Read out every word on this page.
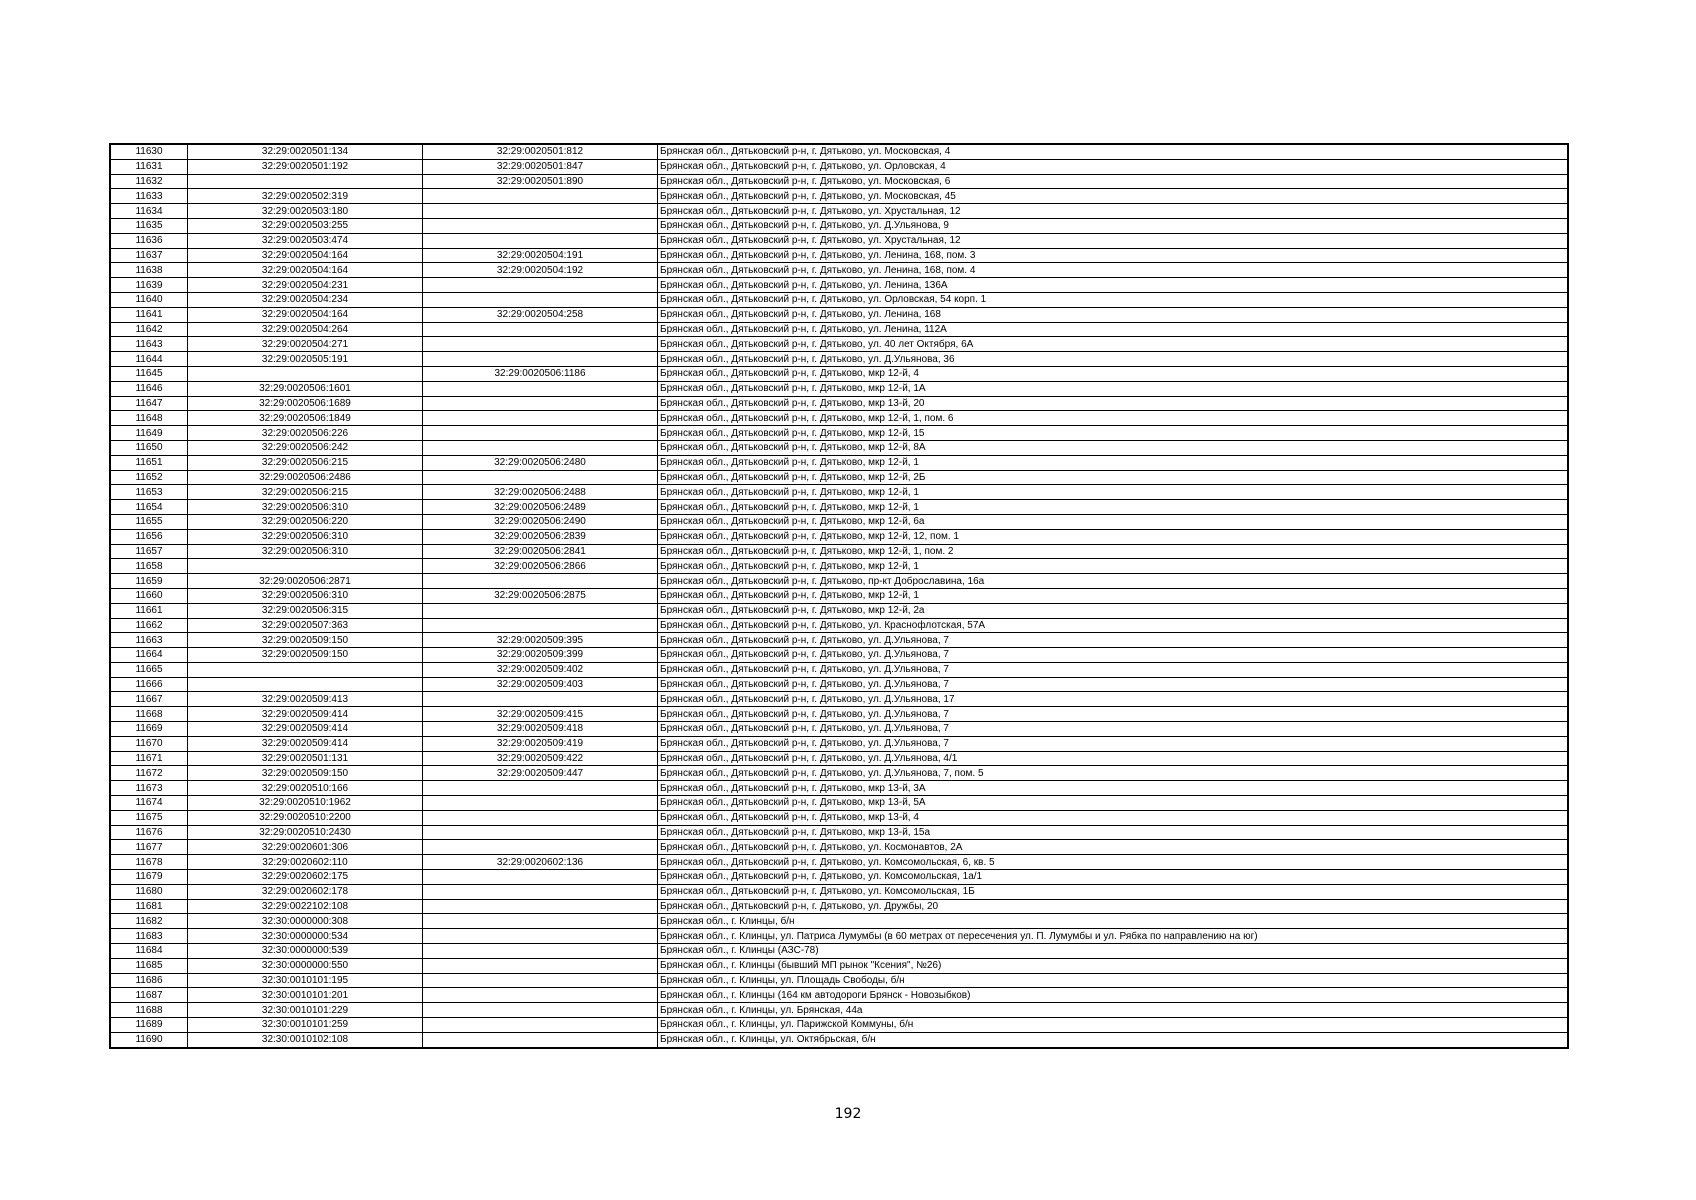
11630	32:29:0020501:134	32:29:0020501:812	Брянская обл., Дятьковский р-н, г. Дятьково, ул. Московская, 4
11631	32:29:0020501:192	32:29:0020501:847	Брянская обл., Дятьковский р-н, г. Дятьково, ул. Орловская, 4
11632		32:29:0020501:890	Брянская обл., Дятьковский р-н, г. Дятьково, ул. Московская, 6
11633	32:29:0020502:319		Брянская обл., Дятьковский р-н, г. Дятьково, ул. Московская, 45
11634	32:29:0020503:180		Брянская обл., Дятьковский р-н, г. Дятьково, ул. Хрустальная, 12
11635	32:29:0020503:255		Брянская обл., Дятьковский р-н, г. Дятьково, ул. Д.Ульянова, 9
11636	32:29:0020503:474		Брянская обл., Дятьковский р-н, г. Дятьково, ул. Хрустальная, 12
11637	32:29:0020504:164	32:29:0020504:191	Брянская обл., Дятьковский р-н, г. Дятьково, ул. Ленина, 168, пом. 3
11638	32:29:0020504:164	32:29:0020504:192	Брянская обл., Дятьковский р-н, г. Дятьково, ул. Ленина, 168, пом. 4
11639	32:29:0020504:231		Брянская обл., Дятьковский р-н, г. Дятьково, ул. Ленина, 136А
11640	32:29:0020504:234		Брянская обл., Дятьковский р-н, г. Дятьково, ул. Орловская, 54 корп. 1
11641	32:29:0020504:164	32:29:0020504:258	Брянская обл., Дятьковский р-н, г. Дятьково, ул. Ленина, 168
11642	32:29:0020504:264		Брянская обл., Дятьковский р-н, г. Дятьково, ул. Ленина, 112А
11643	32:29:0020504:271		Брянская обл., Дятьковский р-н, г. Дятьково, ул. 40 лет Октября, 6А
11644	32:29:0020505:191		Брянская обл., Дятьковский р-н, г. Дятьково, ул. Д.Ульянова, 36
11645		32:29:0020506:1186	Брянская обл., Дятьковский р-н, г. Дятьково, мкр 12-й, 4
11646	32:29:0020506:1601		Брянская обл., Дятьковский р-н, г. Дятьково, мкр 12-й, 1А
11647	32:29:0020506:1689		Брянская обл., Дятьковский р-н, г. Дятьково, мкр 13-й, 20
11648	32:29:0020506:1849		Брянская обл., Дятьковский р-н, г. Дятьково, мкр 12-й, 1, пом. 6
11649	32:29:0020506:226		Брянская обл., Дятьковский р-н, г. Дятьково, мкр 12-й, 15
11650	32:29:0020506:242		Брянская обл., Дятьковский р-н, г. Дятьково, мкр 12-й, 8А
11651	32:29:0020506:215	32:29:0020506:2480	Брянская обл., Дятьковский р-н, г. Дятьково, мкр 12-й, 1
11652	32:29:0020506:2486		Брянская обл., Дятьковский р-н, г. Дятьково, мкр 12-й, 2Б
11653	32:29:0020506:215	32:29:0020506:2488	Брянская обл., Дятьковский р-н, г. Дятьково, мкр 12-й, 1
11654	32:29:0020506:310	32:29:0020506:2489	Брянская обл., Дятьковский р-н, г. Дятьково, мкр 12-й, 1
11655	32:29:0020506:220	32:29:0020506:2490	Брянская обл., Дятьковский р-н, г. Дятьково, мкр 12-й, 6а
11656	32:29:0020506:310	32:29:0020506:2839	Брянская обл., Дятьковский р-н, г. Дятьково, мкр 12-й, 12, пом. 1
11657	32:29:0020506:310	32:29:0020506:2841	Брянская обл., Дятьковский р-н, г. Дятьково, мкр 12-й, 1, пом. 2
11658		32:29:0020506:2866	Брянская обл., Дятьковский р-н, г. Дятьково, мкр 12-й, 1
11659	32:29:0020506:2871		Брянская обл., Дятьковский р-н, г. Дятьково, пр-кт Доброславина, 16а
11660	32:29:0020506:310	32:29:0020506:2875	Брянская обл., Дятьковский р-н, г. Дятьково, мкр 12-й, 1
11661	32:29:0020506:315		Брянская обл., Дятьковский р-н, г. Дятьково, мкр 12-й, 2а
11662	32:29:0020507:363		Брянская обл., Дятьковский р-н, г. Дятьково, ул. Краснофлотская, 57А
11663	32:29:0020509:150	32:29:0020509:395	Брянская обл., Дятьковский р-н, г. Дятьково, ул. Д.Ульянова, 7
11664	32:29:0020509:150	32:29:0020509:399	Брянская обл., Дятьковский р-н, г. Дятьково, ул. Д.Ульянова, 7
11665		32:29:0020509:402	Брянская обл., Дятьковский р-н, г. Дятьково, ул. Д.Ульянова, 7
11666		32:29:0020509:403	Брянская обл., Дятьковский р-н, г. Дятьково, ул. Д.Ульянова, 7
11667	32:29:0020509:413		Брянская обл., Дятьковский р-н, г. Дятьково, ул. Д.Ульянова, 17
11668	32:29:0020509:414	32:29:0020509:415	Брянская обл., Дятьковский р-н, г. Дятьково, ул. Д.Ульянова, 7
11669	32:29:0020509:414	32:29:0020509:418	Брянская обл., Дятьковский р-н, г. Дятьково, ул. Д.Ульянова, 7
11670	32:29:0020509:414	32:29:0020509:419	Брянская обл., Дятьковский р-н, г. Дятьково, ул. Д.Ульянова, 7
11671	32:29:0020501:131	32:29:0020509:422	Брянская обл., Дятьковский р-н, г. Дятьково, ул. Д.Ульянова, 4/1
11672	32:29:0020509:150	32:29:0020509:447	Брянская обл., Дятьковский р-н, г. Дятьково, ул. Д.Ульянова, 7, пом. 5
11673	32:29:0020510:166		Брянская обл., Дятьковский р-н, г. Дятьково, мкр 13-й, 3А
11674	32:29:0020510:1962		Брянская обл., Дятьковский р-н, г. Дятьково, мкр 13-й, 5А
11675	32:29:0020510:2200		Брянская обл., Дятьковский р-н, г. Дятьково, мкр 13-й, 4
11676	32:29:0020510:2430		Брянская обл., Дятьковский р-н, г. Дятьково, мкр 13-й, 15а
11677	32:29:0020601:306		Брянская обл., Дятьковский р-н, г. Дятьково, ул. Космонавтов, 2А
11678	32:29:0020602:110	32:29:0020602:136	Брянская обл., Дятьковский р-н, г. Дятьково, ул. Комсомольская, 6, кв. 5
11679	32:29:0020602:175		Брянская обл., Дятьковский р-н, г. Дятьково, ул. Комсомольская, 1а/1
11680	32:29:0020602:178		Брянская обл., Дятьковский р-н, г. Дятьково, ул. Комсомольская, 1Б
11681	32:29:0022102:108		Брянская обл., Дятьковский р-н, г. Дятьково, ул. Дружбы, 20
11682	32:30:0000000:308		Брянская обл., г. Клинцы, б/н
11683	32:30:0000000:534		Брянская обл., г. Клинцы, ул. Патриса Лумумбы (в 60 метрах от пересечения ул. П. Лумумбы и ул. Рябка по направлению на юг)
11684	32:30:0000000:539		Брянская обл., г. Клинцы (АЗС-78)
11685	32:30:0000000:550		Брянская обл., г. Клинцы (бывший МП рынок "Ксения", №26)
11686	32:30:0010101:195		Брянская обл., г. Клинцы, ул. Площадь Свободы, б/н
11687	32:30:0010101:201		Брянская обл., г. Клинцы (164 км автодороги Брянск - Новозыбков)
11688	32:30:0010101:229		Брянская обл., г. Клинцы, ул. Брянская, 44а
11689	32:30:0010101:259		Брянская обл., г. Клинцы, ул. Парижской Коммуны, б/н
11690	32:30:0010102:108		Брянская обл., г. Клинцы, ул. Октябрьская, б/н
192
